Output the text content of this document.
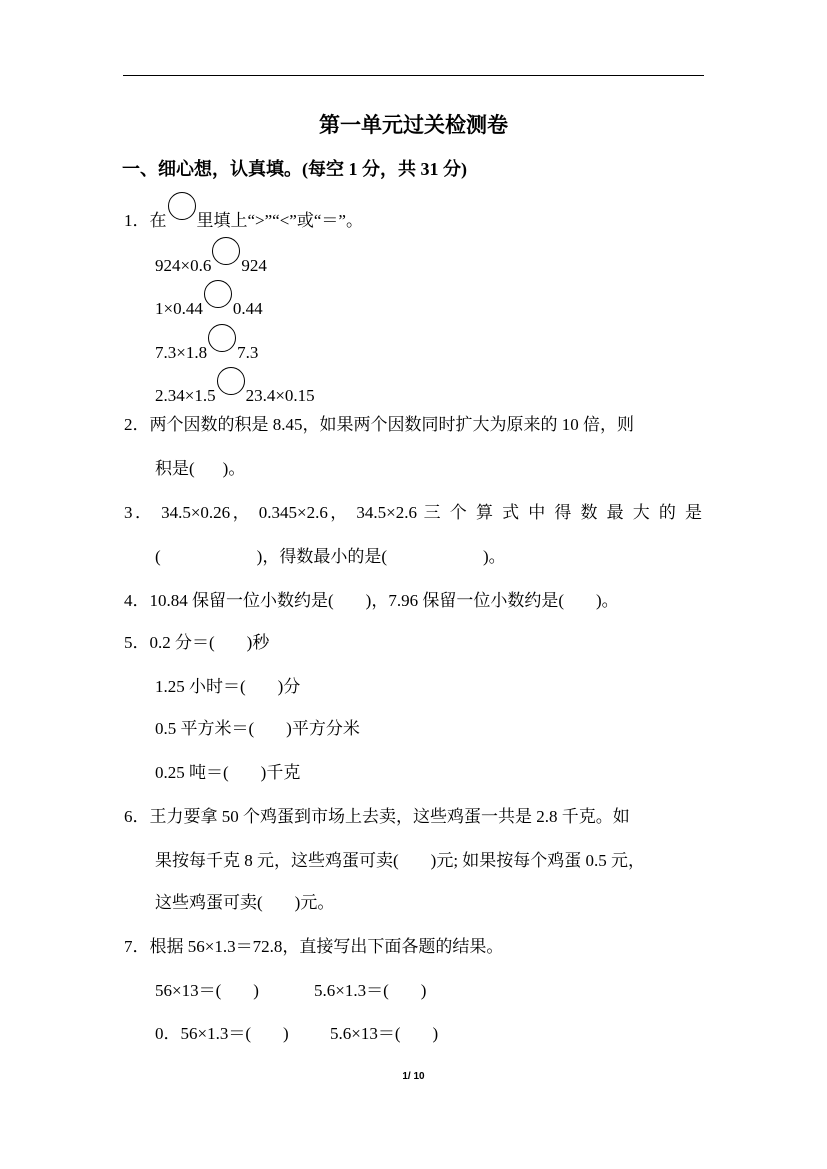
第一单元过关检测卷
一、细心想，认真填。(每空 1 分，共 31 分)
1．在 里填上“>”“<”或“＝”。
924×0.6 924
1×0.44 0.44
7.3×1.8 7.3
2.34×1.5 23.4×0.15
2．两个因数的积是 8.45，如果两个因数同时扩大为原来的 10 倍，则
积是( )。
3． 34.5×0.26， 0.345×2.6， 34.5×2.6 三 个 算 式 中 得 数 最 大 的 是
(	)，得数最小的是(	)。
4．10.84 保留一位小数约是( )，7.96 保留一位小数约是( )。
5．0.2 分＝( )秒
1.25 小时＝( )分
0.5 平方米＝( )平方分米
0.25 吨＝( )千克
6．王力要拿 50 个鸡蛋到市场上去卖，这些鸡蛋一共是 2.8 千克。如
果按每千克 8 元，这些鸡蛋可卖( )元; 如果按每个鸡蛋 0.5 元，
这些鸡蛋可卖( )元。
7．根据 56×1.3＝72.8，直接写出下面各题的结果。
56×13＝( )	5.6×1.3＝( )
0．56×1.3＝( ) 5.6×13＝( )
1/ 10
